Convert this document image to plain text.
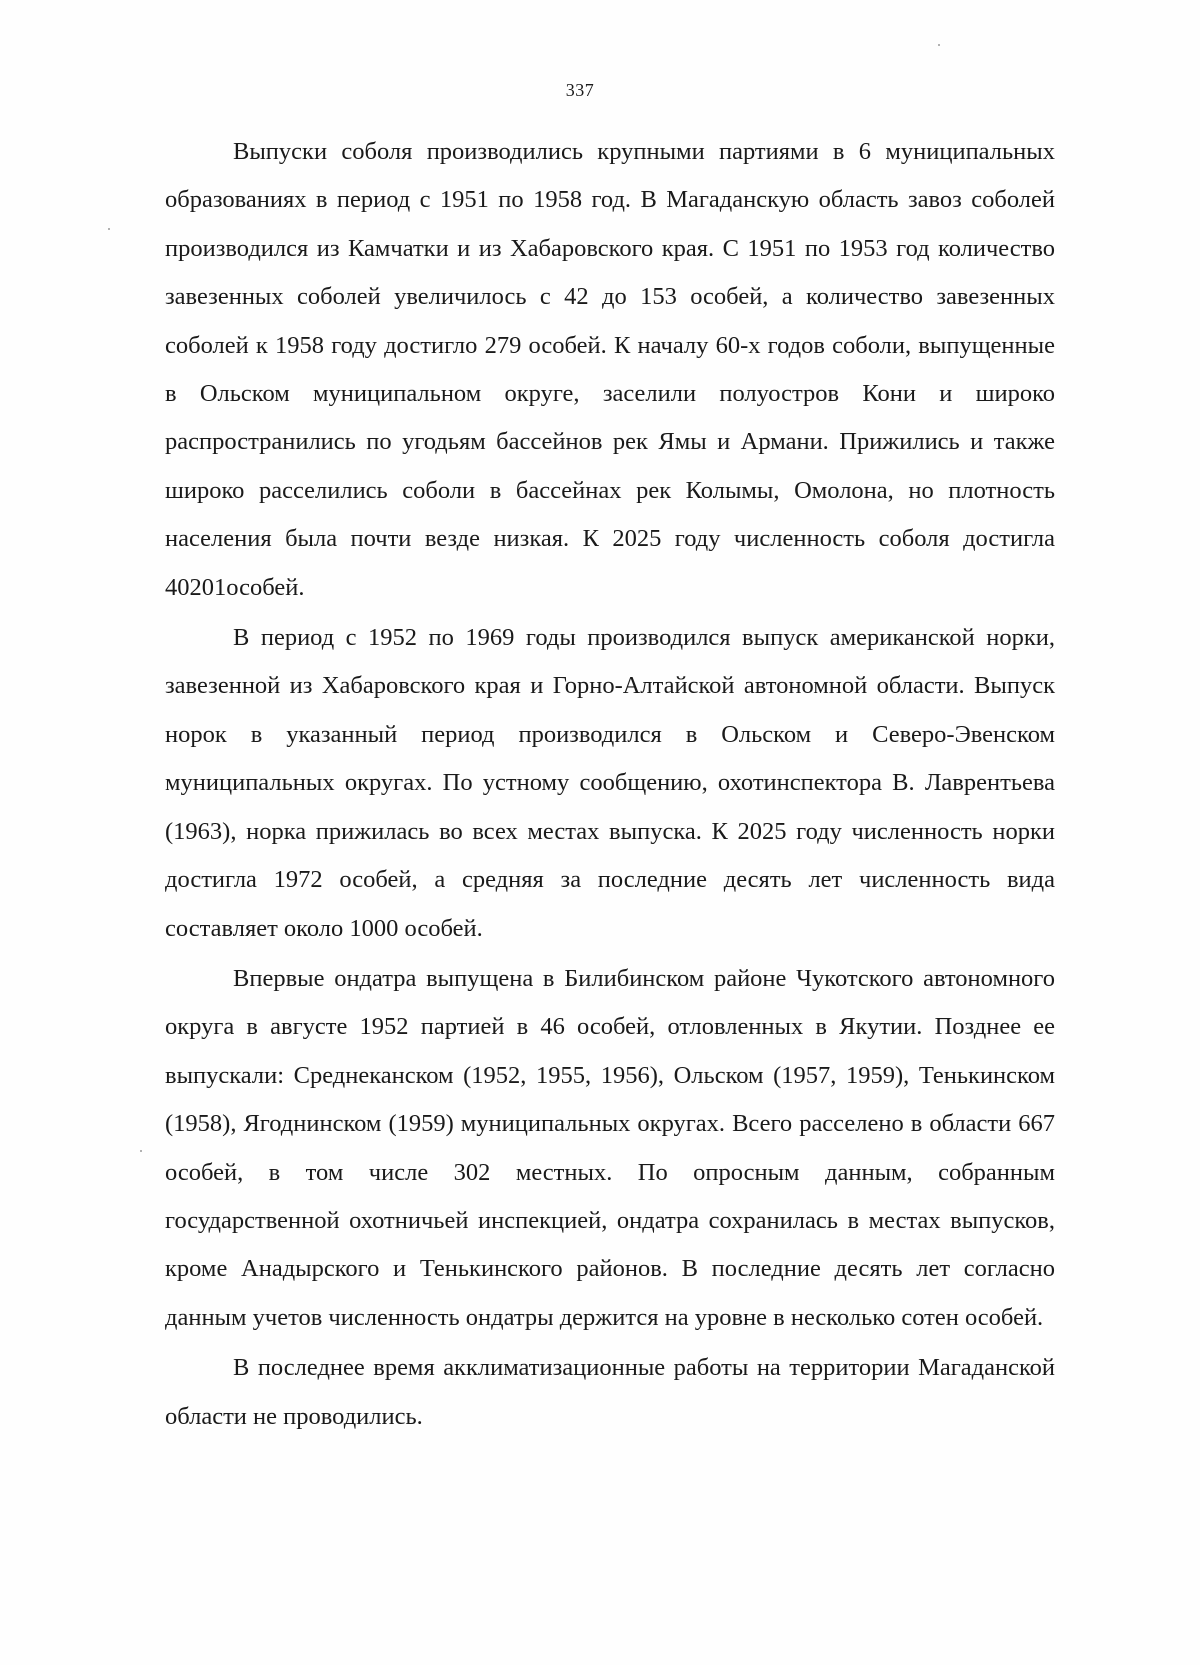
337

Выпуски соболя производились крупными партиями в 6 муниципальных образованиях в период с 1951 по 1958 год. В Магаданскую область завоз соболей производился из Камчатки и из Хабаровского края. С 1951 по 1953 год количество завезенных соболей увеличилось с 42 до 153 особей, а количество завезенных соболей к 1958 году достигло 279 особей. К началу 60-х годов соболи, выпущенные в Ольском муниципальном округе, заселили полуостров Кони и широко распространились по угодьям бассейнов рек Ямы и Армани. Прижились и также широко расселились соболи в бассейнах рек Колымы, Омолона, но плотность населения была почти везде низкая. К 2025 году численность соболя достигла 40201особей.

В период с 1952 по 1969 годы производился выпуск американской норки, завезенной из Хабаровского края и Горно-Алтайской автономной области. Выпуск норок в указанный период производился в Ольском и Северо-Эвенском муниципальных округах. По устному сообщению, охотинспектора В. Лаврентьева (1963), норка прижилась во всех местах выпуска. К 2025 году численность норки достигла 1972 особей, а средняя за последние десять лет численность вида составляет около 1000 особей.

Впервые ондатра выпущена в Билибинском районе Чукотского автономного округа в августе 1952 партией в 46 особей, отловленных в Якутии. Позднее ее выпускали: Среднеканском (1952, 1955, 1956), Ольском (1957, 1959), Тенькинском (1958), Ягоднинском (1959) муниципальных округах. Всего расселено в области 667 особей, в том числе 302 местных. По опросным данным, собранным государственной охотничьей инспекцией, ондатра сохранилась в местах выпусков, кроме Анадырского и Тенькинского районов. В последние десять лет согласно данным учетов численность ондатры держится на уровне в несколько сотен особей.

В последнее время акклиматизационные работы на территории Магаданской области не проводились.
